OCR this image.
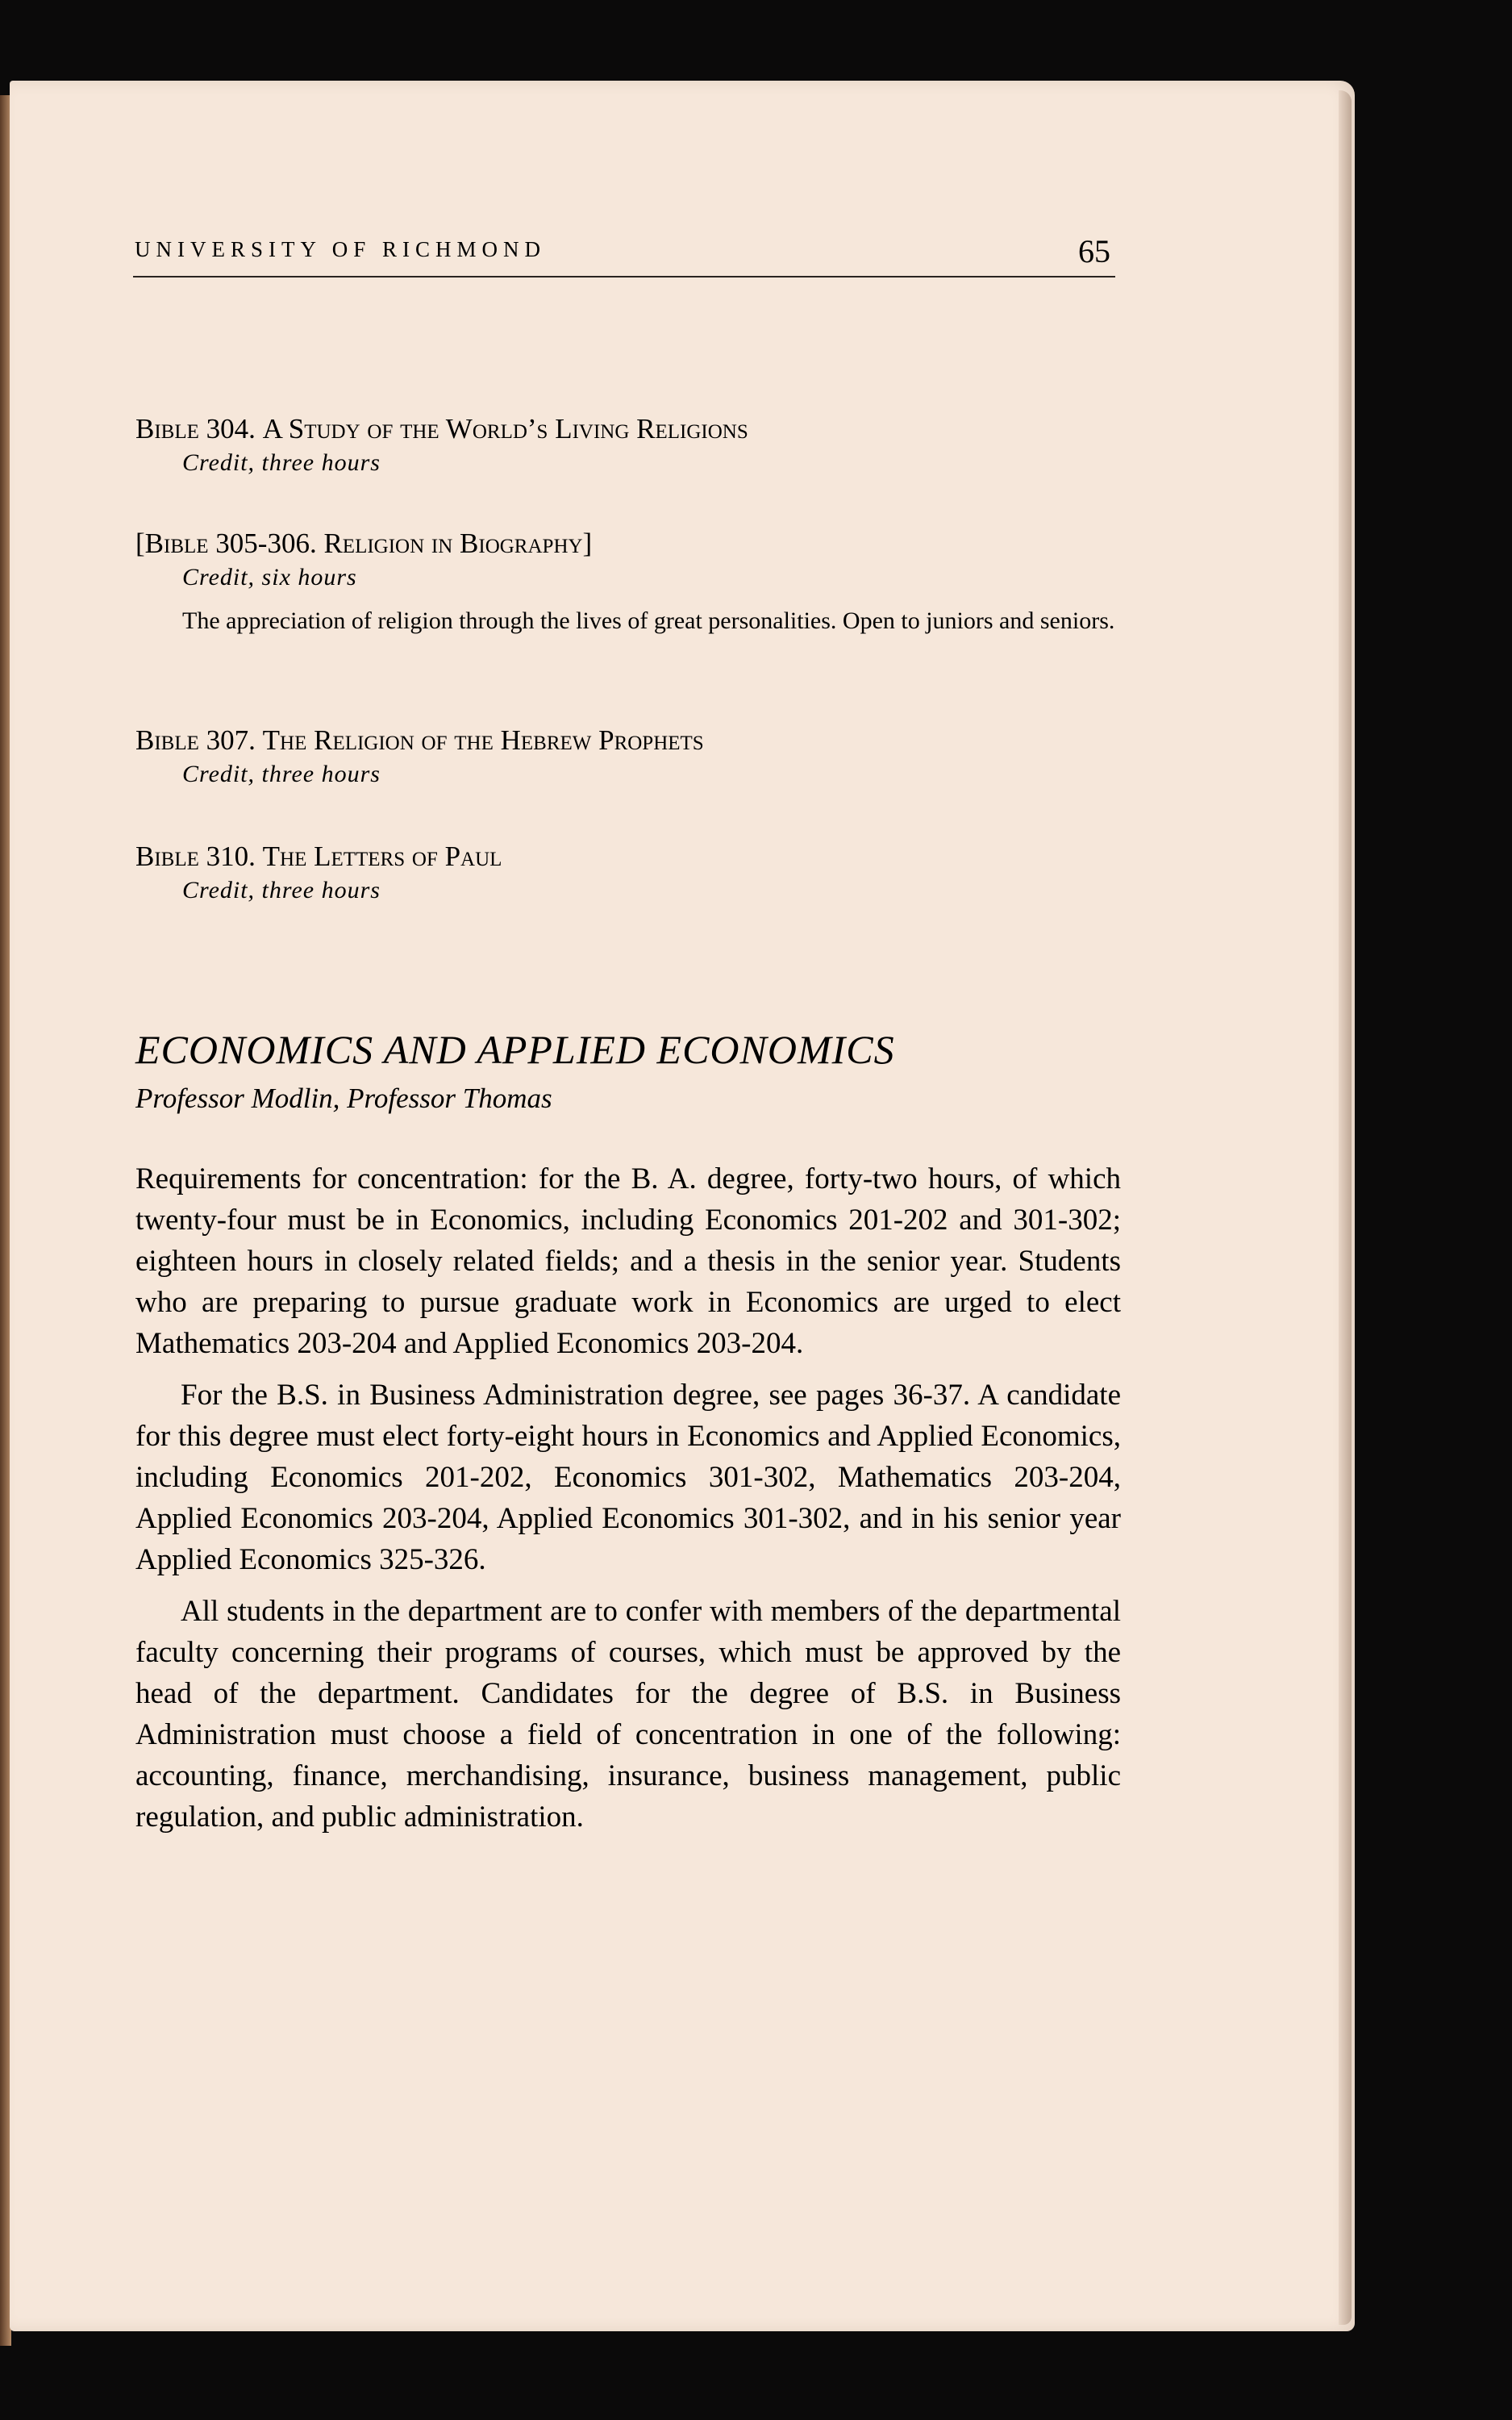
UNIVERSITY OF RICHMOND	65
Bible 304. A Study of the World’s Living Religions
Credit, three hours
[Bible 305-306. Religion in Biography]
Credit, six hours
The appreciation of religion through the lives of great personalities. Open to juniors and seniors.
Bible 307. The Religion of the Hebrew Prophets
Credit, three hours
Bible 310. The Letters of Paul
Credit, three hours
ECONOMICS AND APPLIED ECONOMICS
Professor Modlin, Professor Thomas

Requirements for concentration: for the B. A. degree, forty-two hours, of which twenty-four must be in Economics, including Economics 201-202 and 301-302; eighteen hours in closely related fields; and a thesis in the senior year. Students who are preparing to pursue graduate work in Economics are urged to elect Mathematics 203-204 and Applied Economics 203-204.

For the B.S. in Business Administration degree, see pages 36-37. A candidate for this degree must elect forty-eight hours in Economics and Applied Economics, including Economics 201-202, Economics 301-302, Mathematics 203-204, Applied Economics 203-204, Applied Economics 301-302, and in his senior year Applied Economics 325-326.

All students in the department are to confer with members of the departmental faculty concerning their programs of courses, which must be approved by the head of the department. Candidates for the degree of B.S. in Business Administration must choose a field of concentration in one of the following: accounting, finance, merchandising, insurance, business management, public regulation, and public administration.
